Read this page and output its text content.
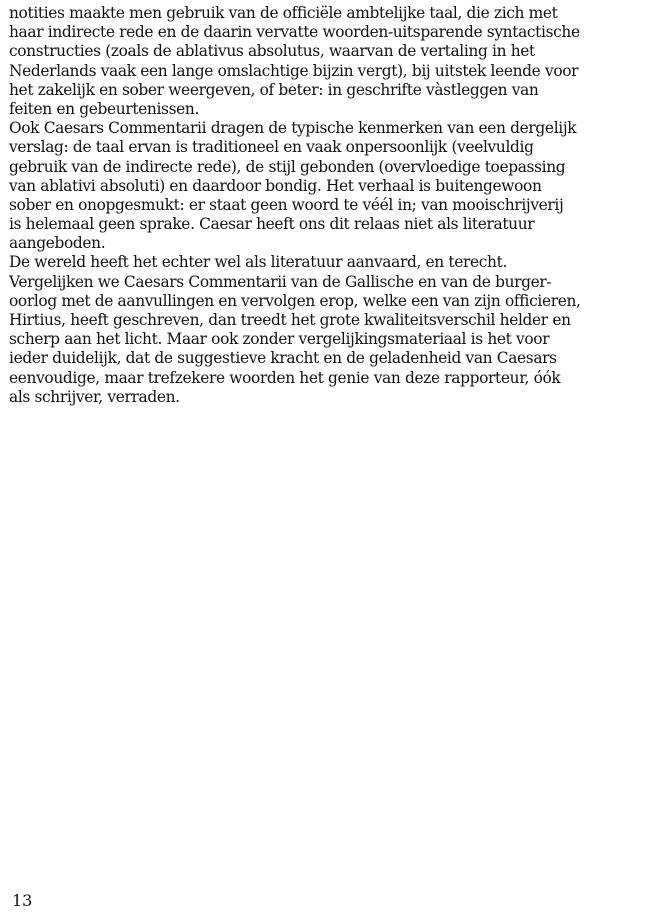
notities maakte men gebruik van de officiële ambtelijke taal, die zich met
haar indirecte rede en de daarin vervatte woorden-uitsparende syntactische
constructies (zoals de ablativus absolutus, waarvan de vertaling in het
Nederlands vaak een lange omslachtige bijzin vergt), bij uitstek leende voor
het zakelijk en sober weergeven, of beter: in geschrifte vàstleggen van
feiten en gebeurtenissen.
Ook Caesars Commentarii dragen de typische kenmerken van een dergelijk
verslag: de taal ervan is traditioneel en vaak onpersoonlijk (veelvuldig
gebruik van de indirecte rede), de stijl gebonden (overvloedige toepassing
van ablativi absoluti) en daardoor bondig. Het verhaal is buitengewoon
sober en onopgesmukt: er staat geen woord te véél in; van mooischrijverij
is helemaal geen sprake. Caesar heeft ons dit relaas niet als literatuur
aangeboden.
De wereld heeft het echter wel als literatuur aanvaard, en terecht.
Vergelijken we Caesars Commentarii van de Gallische en van de burger-
oorlog met de aanvullingen en vervolgen erop, welke een van zijn officieren,
Hirtius, heeft geschreven, dan treedt het grote kwaliteitsverschil helder en
scherp aan het licht. Maar ook zonder vergelijkingsmateriaal is het voor
ieder duidelijk, dat de suggestieve kracht en de geladenheid van Caesars
eenvoudige, maar trefzekere woorden het genie van deze rapporteur, óók
als schrijver, verraden.
13
